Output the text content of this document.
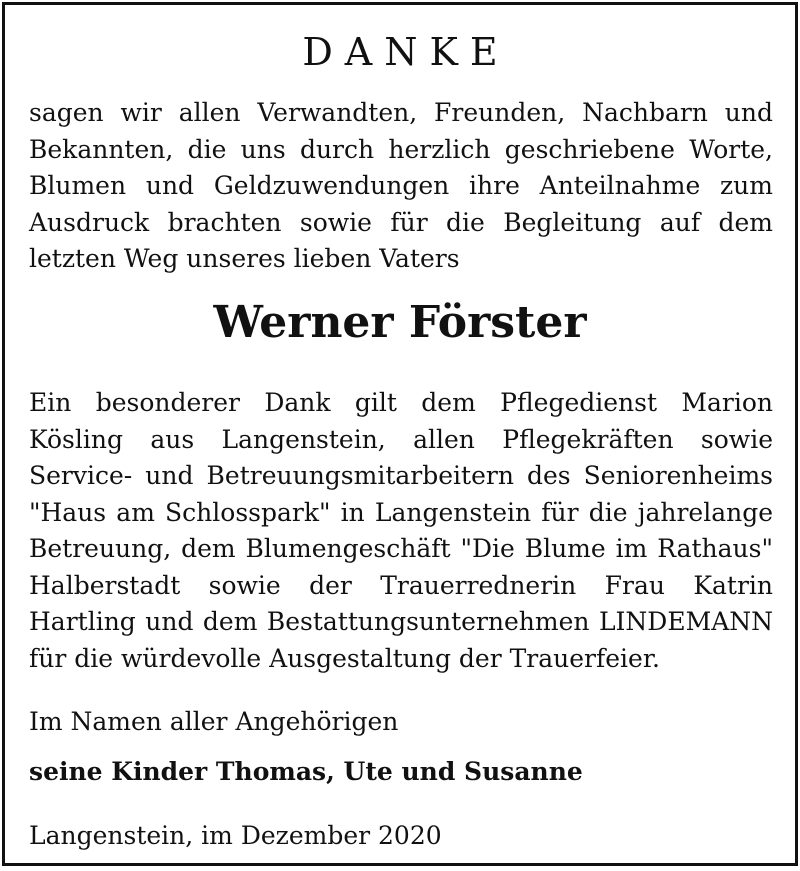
DANKE
sagen wir allen Verwandten, Freunden, Nachbarn und Bekannten, die uns durch herzlich geschriebene Worte, Blumen und Geldzuwendungen ihre Anteilnahme zum Ausdruck brachten sowie für die Begleitung auf dem letzten Weg unseres lieben Vaters
Werner Förster
Ein besonderer Dank gilt dem Pflegedienst Marion Kösling aus Langenstein, allen Pflegekräften sowie Service- und Betreuungsmitarbeitern des Seniorenheims "Haus am Schlosspark" in Langenstein für die jahrelange Betreuung, dem Blumengeschäft "Die Blume im Rathaus" Halberstadt sowie der Trauerrednerin Frau Katrin Hartling und dem Bestattungsunternehmen LINDEMANN für die würdevolle Ausgestaltung der Trauerfeier.
Im Namen aller Angehörigen
seine Kinder Thomas, Ute und Susanne
Langenstein, im Dezember 2020
